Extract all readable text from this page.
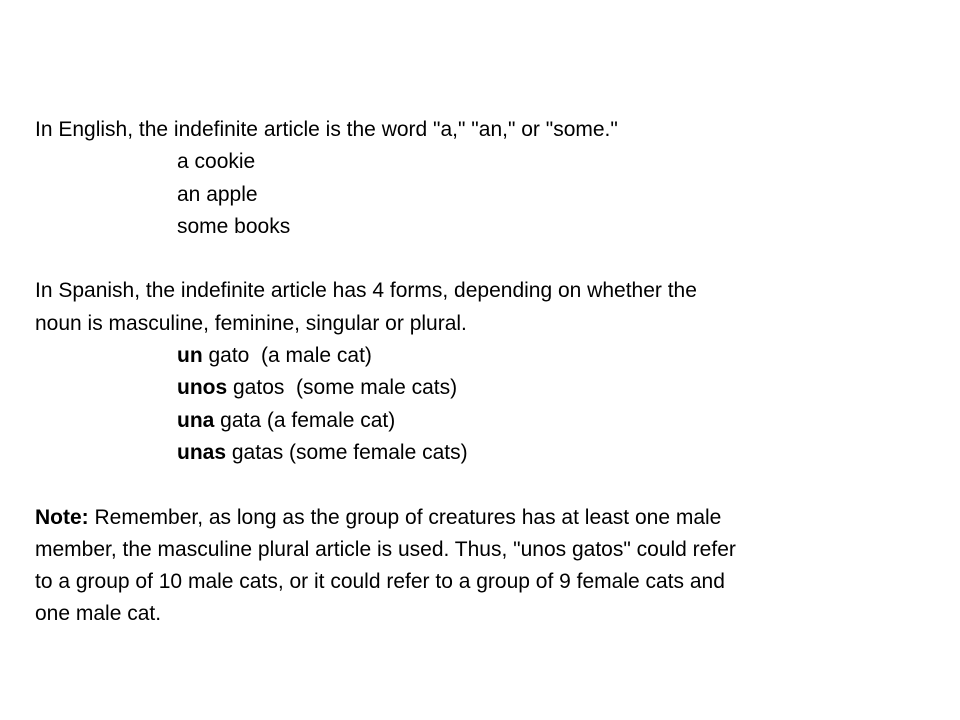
In English, the indefinite article is the word "a," "an," or "some."
a cookie
an apple
some books
In Spanish, the indefinite article has 4 forms, depending on whether the
noun is masculine, feminine, singular or plural.
un gato  (a male cat)
unos gatos  (some male cats)
una gata (a female cat)
unas gatas (some female cats)
Note: Remember, as long as the group of creatures has at least one male
member, the masculine plural article is used. Thus, "unos gatos" could refer
to a group of 10 male cats, or it could refer to a group of 9 female cats and
one male cat.
